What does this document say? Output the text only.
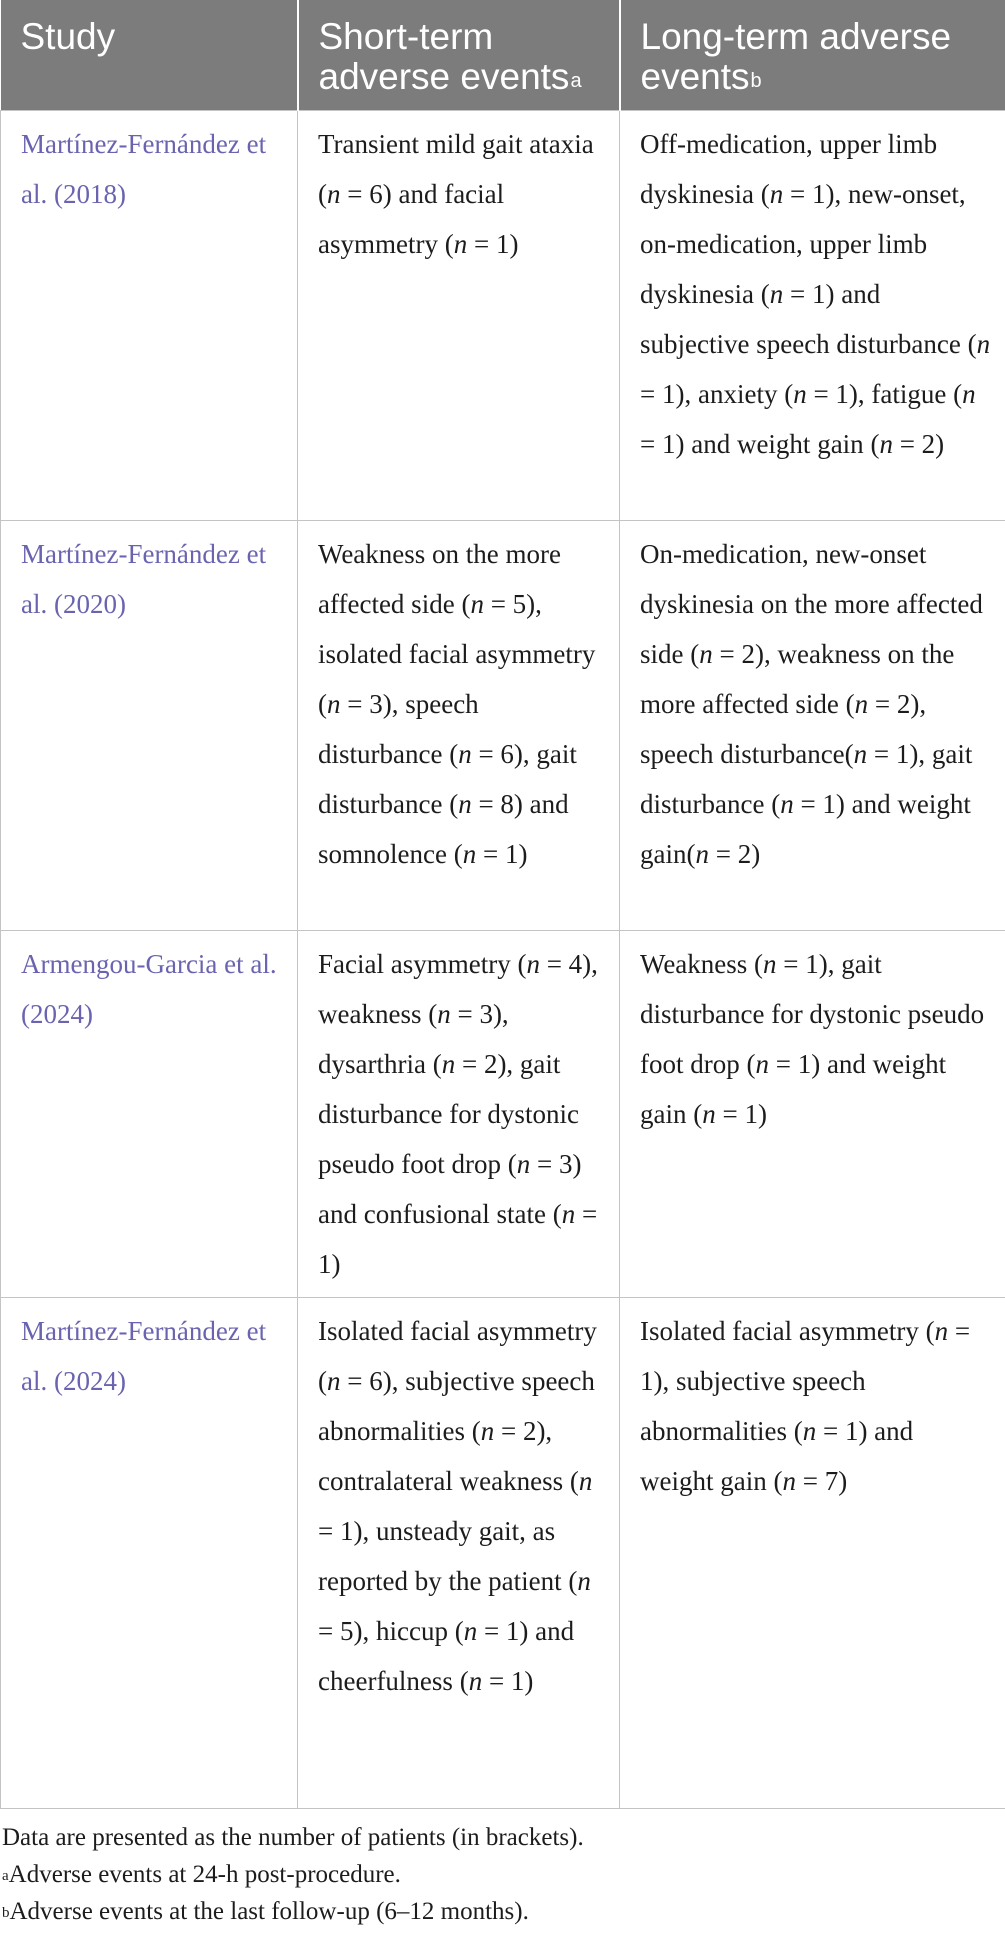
Study	Short-term adverse events$^a$	Long-term adverse events$^b$
Martínez-Fernández et al. (2018)	Transient mild gait ataxia (n = 6) and facial asymmetry (n = 1)	Off-medication, upper limb dyskinesia (n = 1), new-onset, on-medication, upper limb dyskinesia (n = 1) and subjective speech disturbance (n = 1), anxiety (n = 1), fatigue (n = 1) and weight gain (n = 2)
Martínez-Fernández et al. (2020)	Weakness on the more affected side (n = 5), isolated facial asymmetry (n = 3), speech disturbance (n = 6), gait disturbance (n = 8) and somnolence (n = 1)	On-medication, new-onset dyskinesia on the more affected side (n = 2), weakness on the more affected side (n = 2), speech disturbance(n = 1), gait disturbance (n = 1) and weight gain(n = 2)
Armengou-Garcia et al. (2024)	Facial asymmetry (n = 4), weakness (n = 3), dysarthria (n = 2), gait disturbance for dystonic pseudo foot drop (n = 3) and confusional state (n = 1)	Weakness (n = 1), gait disturbance for dystonic pseudo foot drop (n = 1) and weight gain (n = 1)
Martínez-Fernández et al. (2024)	Isolated facial asymmetry (n = 6), subjective speech abnormalities (n = 2), contralateral weakness (n = 1), unsteady gait, as reported by the patient (n = 5), hiccup (n = 1) and cheerfulness (n = 1)	Isolated facial asymmetry (n = 1), subjective speech abnormalities (n = 1) and weight gain (n = 7)

Data are presented as the number of patients (in brackets).

$^a$Adverse events at 24-h post-procedure.

$^b$Adverse events at the last follow-up (6–12 months).
